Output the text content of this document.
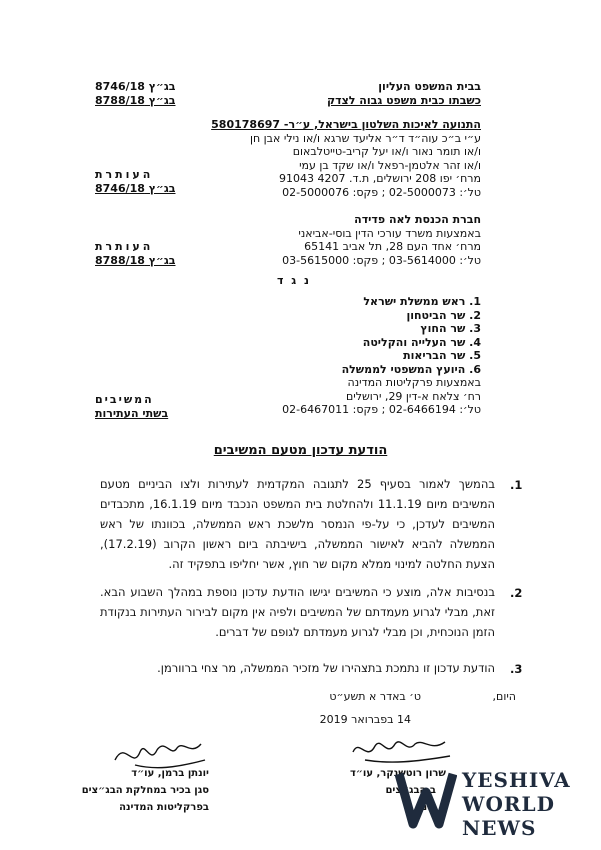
בבית המשפט העליון
כשבתו כבית משפט גבוה לצדק
בג״ץ 8746/18
בג״ץ 8788/18
התנועה לאיכות השלטון בישראל, ע״ר- 580178697
ע״י ב״כ עוה״ד ד״ר אליעד שרגא ו/או נילי אבן חן
ו/או תומר נאור ו/או יעל קריב-טייטלבאום
ו/או זהר אלטמן-רפאל ו/או שקד בן עמי
מרח׳ יפו 208 ירושלים, ת.ד. 4207 91043
טל׳: 02-5000073 ; פקס: 02-5000076
העותרת
בג״ץ 8746/18
חברת הכנסת לאה פדידה
באמצעות משרד עורכי הדין בוסי-אביאני
מרח׳ אחד העם 28, תל אביב 65141
טל׳: 03-5614000 ; פקס: 03-5615000
העותרת
בג״ץ 8788/18
נ ג ד
1. ראש ממשלת ישראל
2. שר הביטחון
3. שר החוץ
4. שר העלייה והקליטה
5. שר הבריאות
6. היועץ המשפטי לממשלה
באמצעות פרקליטות המדינה
רח׳ צלאח א-דין 29, ירושלים
טל׳: 02-6466194 ; פקס: 02-6467011
המשיבים
בשתי העתירות
הודעת עדכון מטעם המשיבים
.1
בהמשך לאמור בסעיף 25 לתגובה המקדמית לעתירות ולצו הביניים מטעם המשיבים מיום 11.1.19 ולהחלטת בית המשפט הנכבד מיום 16.1.19, מתכבדים המשיבים לעדכן, כי על-פי הנמסר מלשכת ראש הממשלה, בכוונתו של ראש הממשלה להביא לאישור הממשלה, בישיבתה ביום ראשון הקרוב (17.2.19), הצעת החלטה למינוי ממלא מקום שר חוץ, אשר יחליפו בתפקיד זה.
.2
בנסיבות אלה, מוצע כי המשיבים יגישו הודעת עדכון נוספת במהלך השבוע הבא. זאת, מבלי לגרוע מעמדתם של המשיבים ולפיה אין מקום לבירור העתירות בנקודת הזמן הנוכחית, וכן מבלי לגרוע מעמדתם לגופם של דברים.
.3
הודעת עדכון זו נתמכת בתצהירו של מזכיר הממשלה, מר צחי ברוורמן.
היום,
ט׳ באדר א תשע״ט
14 בפברואר 2019
יונתן ברמן, עו״ד
סגן בכיר במחלקת הבג״צים
בפרקליטות המדינה
שרון רוטשנקר, עו״ד
ב הבג״צים
דינה
YESHIVA
WORLD
NEWS
